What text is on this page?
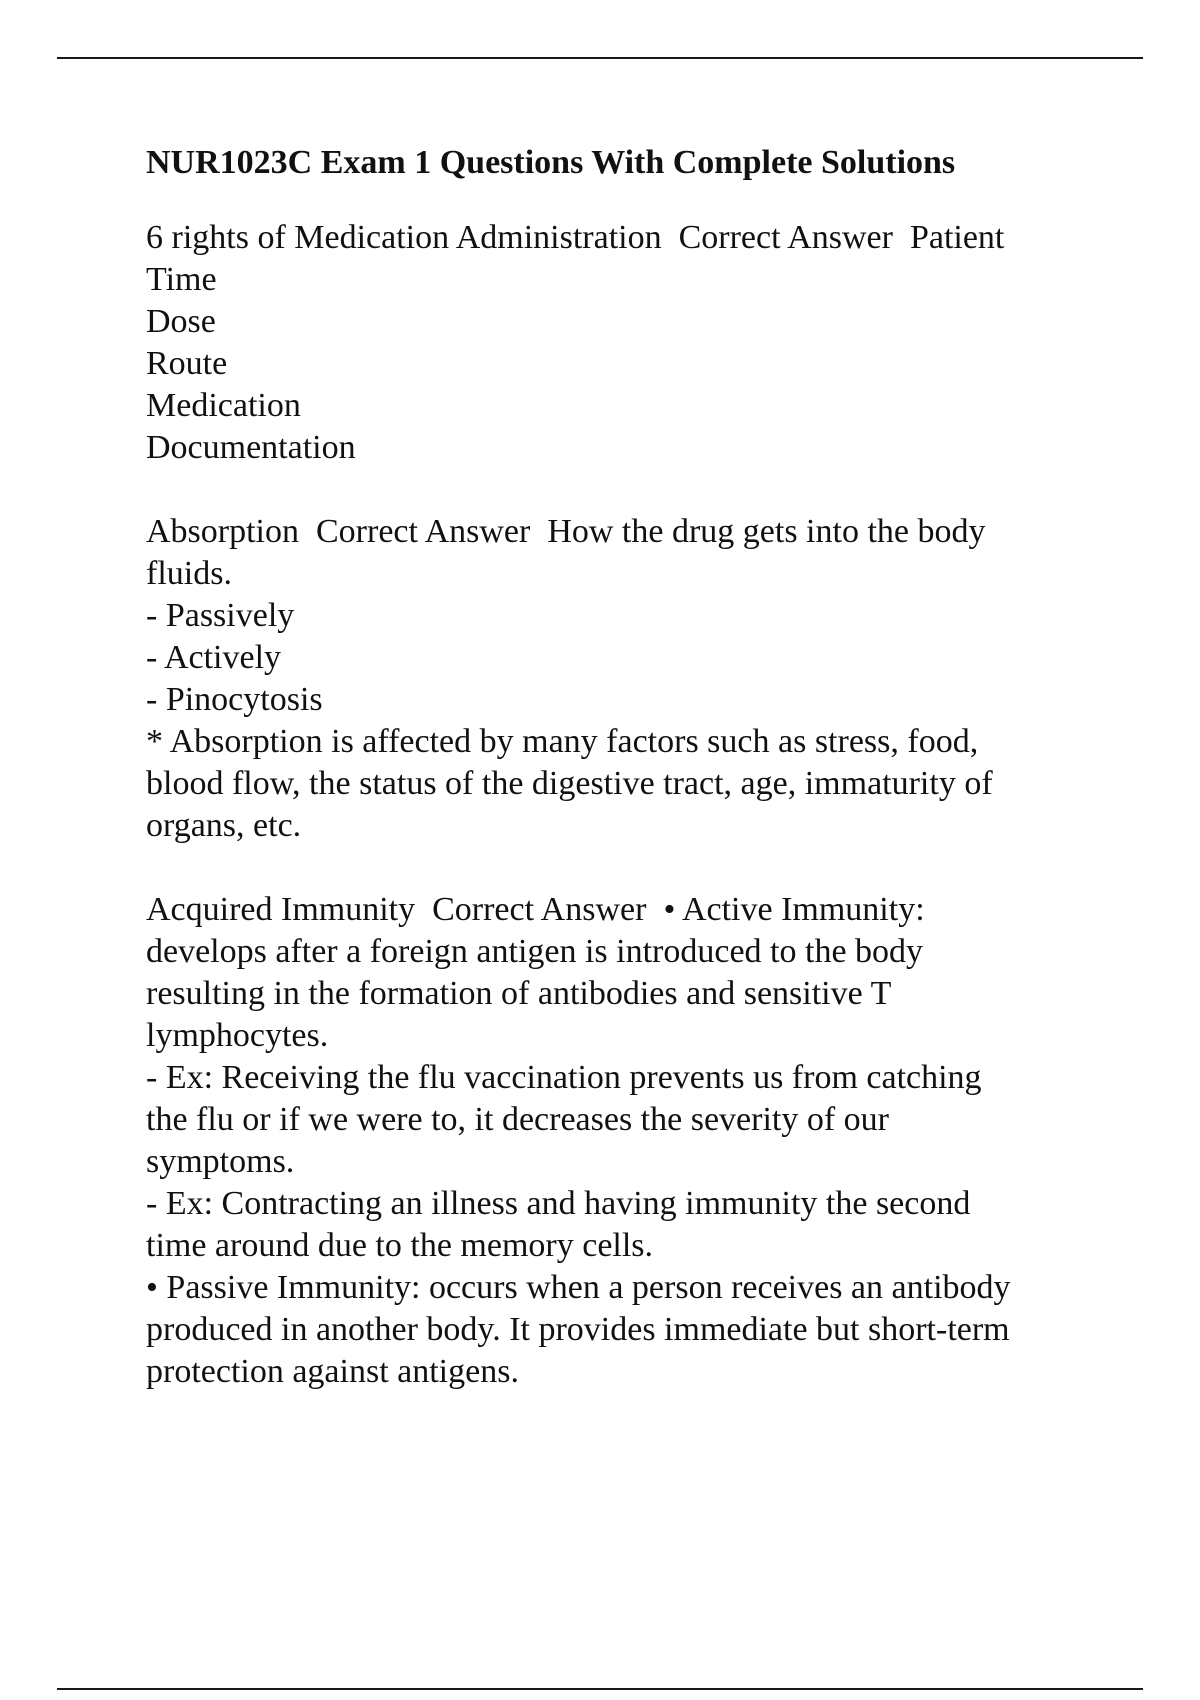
NUR1023C Exam 1 Questions With Complete Solutions
6 rights of Medication Administration  Correct Answer  Patient
Time
Dose
Route
Medication
Documentation
Absorption  Correct Answer  How the drug gets into the body
fluids.
- Passively
- Actively
- Pinocytosis
* Absorption is affected by many factors such as stress, food,
blood flow, the status of the digestive tract, age, immaturity of
organs, etc.
Acquired Immunity  Correct Answer  • Active Immunity:
develops after a foreign antigen is introduced to the body
resulting in the formation of antibodies and sensitive T
lymphocytes.
- Ex: Receiving the flu vaccination prevents us from catching
the flu or if we were to, it decreases the severity of our
symptoms.
- Ex: Contracting an illness and having immunity the second
time around due to the memory cells.
• Passive Immunity: occurs when a person receives an antibody
produced in another body. It provides immediate but short-term
protection against antigens.
